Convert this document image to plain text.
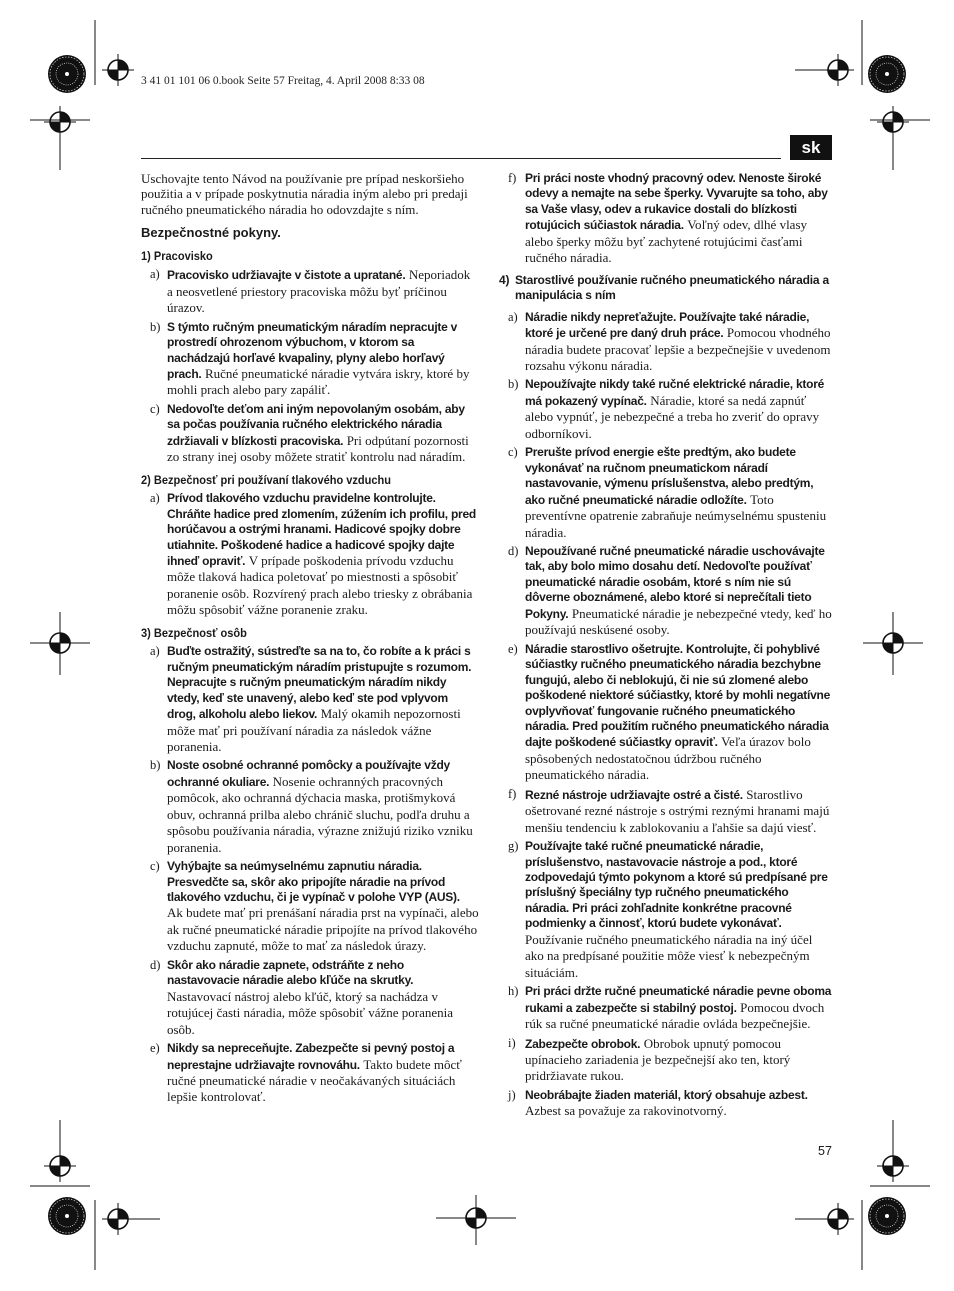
3 41 01 101 06 0.book Seite 57 Freitag, 4. April 2008 8:33 08
sk

Uschovajte tento Návod na používanie pre prípad neskoršieho použitia a v prípade poskytnutia náradia iným alebo pri predaji ručného pneumatického náradia ho odovzdajte s ním.

Bezpečnostné pokyny.
1) Pracovisko
a) Pracovisko udržiavajte v čistote a upratané. Neporiadok a neosvetlené priestory pracoviska môžu byť príčinou úrazov.
b) S týmto ručným pneumatickým náradím nepracujte v prostredí ohrozenom výbuchom, v ktorom sa nachádzajú horľavé kvapaliny, plyny alebo horľavý prach. Ručné pneumatické náradie vytvára iskry, ktoré by mohli prach alebo pary zapáliť.
c) Nedovoľte deťom ani iným nepovolaným osobám, aby sa počas používania ručného elektrického náradia zdržiavali v blízkosti pracoviska. Pri odpútaní pozornosti zo strany inej osoby môžete stratiť kontrolu nad náradím.
2) Bezpečnosť pri používaní tlakového vzduchu
a) Prívod tlakového vzduchu pravidelne kontrolujte. Chráňte hadice pred zlomením, zúžením ich profilu, pred horúčavou a ostrými hranami. Hadicové spojky dobre utiahnite. Poškodené hadice a hadicové spojky dajte ihneď opraviť. V prípade poškodenia prívodu vzduchu môže tlaková hadica poletovať po miestnosti a spôsobiť poranenie osôb. Rozvírený prach alebo triesky z obrábania môžu spôsobiť vážne poranenie zraku.
3) Bezpečnosť osôb
a) Buďte ostražitý, sústreďte sa na to, čo robíte a k práci s ručným pneumatickým náradím pristupujte s rozumom. Nepracujte s ručným pneumatickým náradím nikdy vtedy, keď ste unavený, alebo keď ste pod vplyvom drog, alkoholu alebo liekov. Malý okamih nepozornosti môže mať pri používaní náradia za následok vážne poranenia.
b) Noste osobné ochranné pomôcky a používajte vždy ochranné okuliare. Nosenie ochranných pracovných pomôcok, ako ochranná dýchacia maska, protišmyková obuv, ochranná prilba alebo chránič sluchu, podľa druhu a spôsobu používania náradia, výrazne znižujú riziko vzniku poranenia.
c) Vyhýbajte sa neúmyselnému zapnutiu náradia. Presvedčte sa, skôr ako pripojíte náradie na prívod tlakového vzduchu, či je vypínač v polohe VYP (AUS). Ak budete mať pri prenášaní náradia prst na vypínači, alebo ak ručné pneumatické náradie pripojíte na prívod tlakového vzduchu zapnuté, môže to mať za následok úrazy.
d) Skôr ako náradie zapnete, odstráňte z neho nastavovacie náradie alebo kľúče na skrutky. Nastavovací nástroj alebo kľúč, ktorý sa nachádza v rotujúcej časti náradia, môže spôsobiť vážne poranenia osôb.
e) Nikdy sa nepreceňujte. Zabezpečte si pevný postoj a neprestajne udržiavajte rovnováhu. Takto budete môcť ručné pneumatické náradie v neočakávaných situáciách lepšie kontrolovať.
f) Pri práci noste vhodný pracovný odev. Nenoste široké odevy a nemajte na sebe šperky. Vyvarujte sa toho, aby sa Vaše vlasy, odev a rukavice dostali do blízkosti rotujúcich súčiastok náradia. Voľný odev, dlhé vlasy alebo šperky môžu byť zachytené rotujúcimi časťami ručného náradia.
4) Starostlivé používanie ručného pneumatického náradia a manipulácia s ním
a) Náradie nikdy nepreťažujte. Používajte také náradie, ktoré je určené pre daný druh práce. Pomocou vhodného náradia budete pracovať lepšie a bezpečnejšie v uvedenom rozsahu výkonu náradia.
b) Nepoužívajte nikdy také ručné elektrické náradie, ktoré má pokazený vypínač. Náradie, ktoré sa nedá zapnúť alebo vypnúť, je nebezpečné a treba ho zveriť do opravy odborníkovi.
c) Prerušte prívod energie ešte predtým, ako budete vykonávať na ručnom pneumatickom náradí nastavovanie, výmenu príslušenstva, alebo predtým, ako ručné pneumatické náradie odložíte. Toto preventívne opatrenie zabraňuje neúmyselnému spusteniu náradia.
d) Nepoužívané ručné pneumatické náradie uschovávajte tak, aby bolo mimo dosahu detí. Nedovoľte používať pneumatické náradie osobám, ktoré s ním nie sú dôverne oboznámené, alebo ktoré si neprečítali tieto Pokyny. Pneumatické náradie je nebezpečné vtedy, keď ho používajú neskúsené osoby.
e) Náradie starostlivo ošetrujte. Kontrolujte, či pohyblivé súčiastky ručného pneumatického náradia bezchybne fungujú, alebo či neblokujú, či nie sú zlomené alebo poškodené niektoré súčiastky, ktoré by mohli negatívne ovplyvňovať fungovanie ručného pneumatického náradia. Pred použitím ručného pneumatického náradia dajte poškodené súčiastky opraviť. Veľa úrazov bolo spôsobených nedostatočnou údržbou ručného pneumatického náradia.
f) Rezné nástroje udržiavajte ostré a čisté. Starostlivo ošetrované rezné nástroje s ostrými reznými hranami majú menšiu tendenciu k zablokovaniu a ľahšie sa dajú viesť.
g) Používajte také ručné pneumatické náradie, príslušenstvo, nastavovacie nástroje a pod., ktoré zodpovedajú týmto pokynom a ktoré sú predpísané pre príslušný špeciálny typ ručného pneumatického náradia. Pri práci zohľadnite konkrétne pracovné podmienky a činnosť, ktorú budete vykonávať. Používanie ručného pneumatického náradia na iný účel ako na predpísané použitie môže viesť k nebezpečným situáciám.
h) Pri práci držte ručné pneumatické náradie pevne oboma rukami a zabezpečte si stabilný postoj. Pomocou dvoch rúk sa ručné pneumatické náradie ovláda bezpečnejšie.
i) Zabezpečte obrobok. Obrobok upnutý pomocou upínacieho zariadenia je bezpečnejší ako ten, ktorý pridržiavate rukou.
j) Neobrábajte žiaden materiál, ktorý obsahuje azbest. Azbest sa považuje za rakovinotvorný.
57
